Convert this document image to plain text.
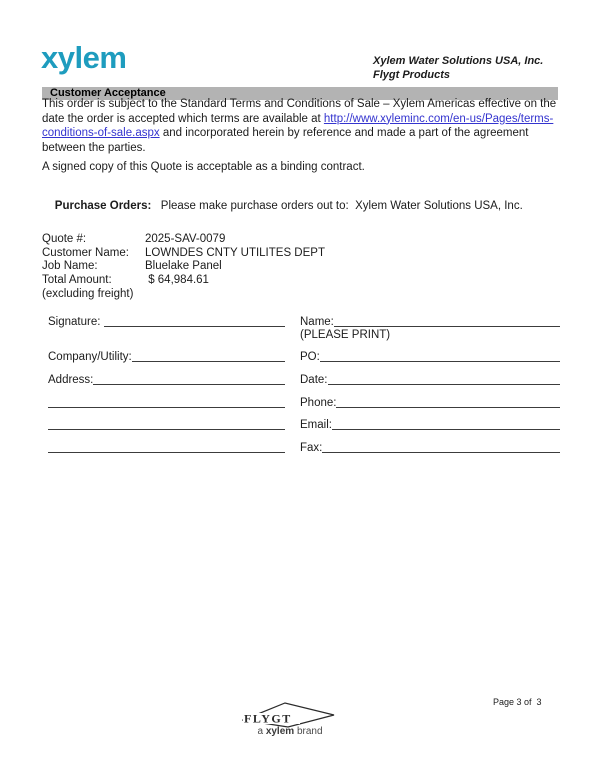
xylem	Xylem Water Solutions USA, Inc.
Flygt Products
Customer Acceptance

This order is subject to the Standard Terms and Conditions of Sale – Xylem Americas effective on the date the order is accepted which terms are available at http://www.xyleminc.com/en-us/Pages/terms-conditions-of-sale.aspx and incorporated herein by reference and made a part of the agreement between the parties.

A signed copy of this Quote is acceptable as a binding contract.

Purchase Orders: Please make purchase orders out to:  Xylem Water Solutions USA, Inc.

Quote #:	2025-SAV-0079
Customer Name:	LOWNDES CNTY UTILITES DEPT
Job Name:	Bluelake Panel
Total Amount:	$ 64,984.61
(excluding freight)
Signature:
Company/Utility:
Address:
Name:
(PLEASE PRINT)
PO:
Date:
Phone:
Email:
Fax:
FLYGT
a xylem brand
Page 3 of  3
